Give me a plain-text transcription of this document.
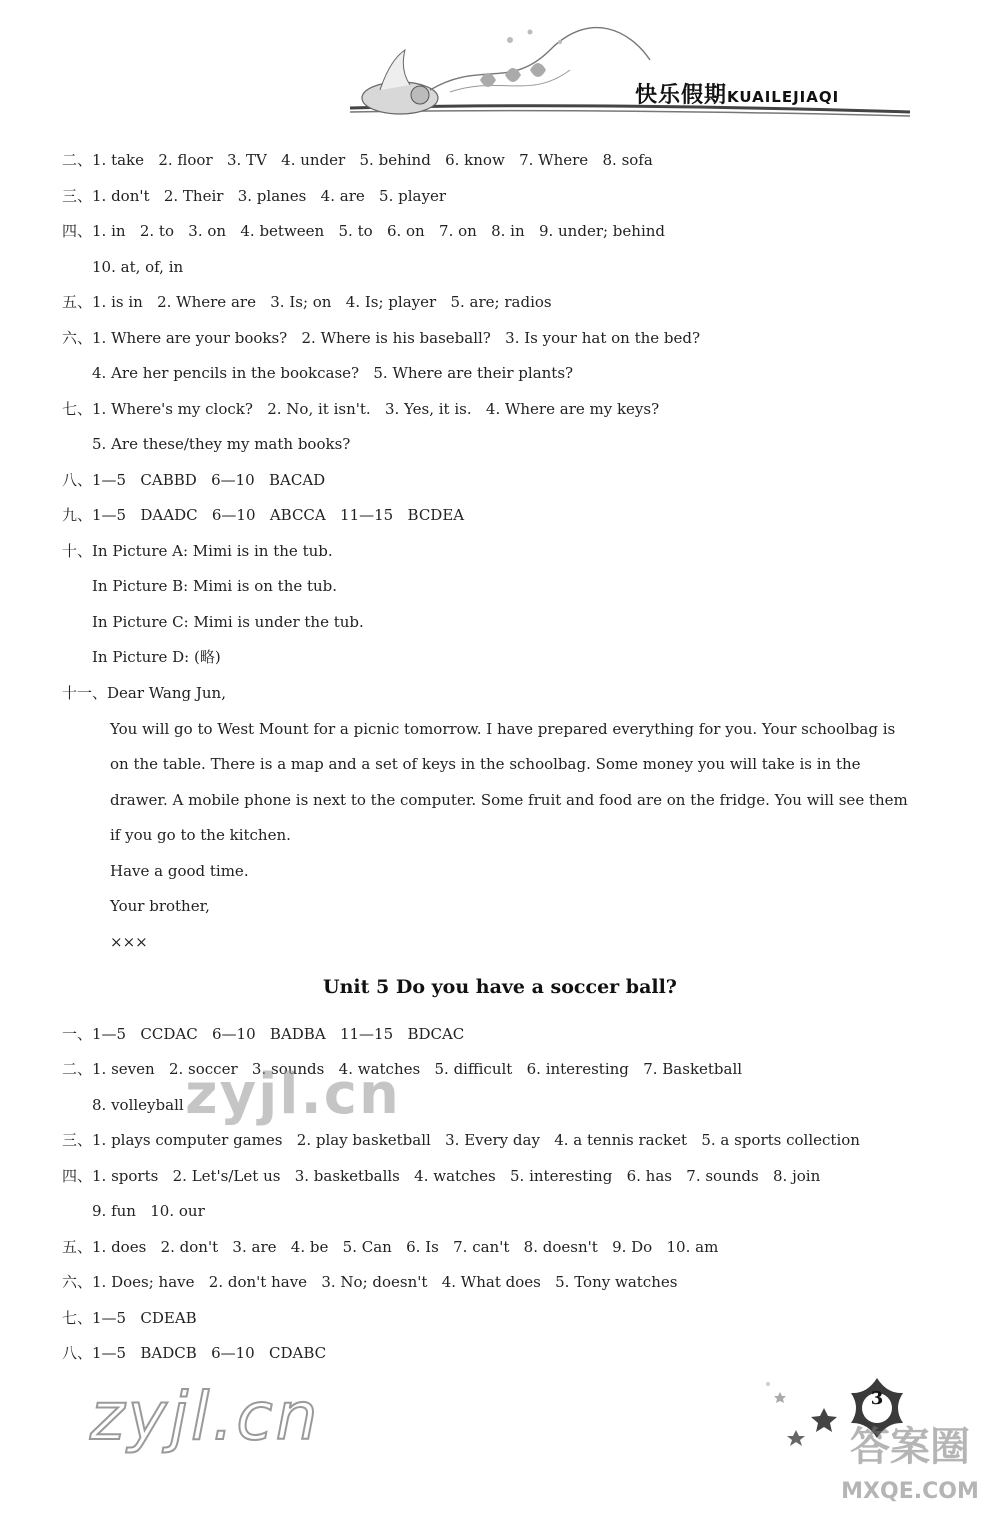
快乐假期KUAILEJIAQI
二、1. take   2. floor   3. TV   4. under   5. behind   6. know   7. Where   8. sofa
三、1. don't   2. Their   3. planes   4. are   5. player
四、1. in   2. to   3. on   4. between   5. to   6. on   7. on   8. in   9. under; behind
10. at, of, in
五、1. is in   2. Where are   3. Is; on   4. Is; player   5. are; radios
六、1. Where are your books?   2. Where is his baseball?   3. Is your hat on the bed?
4. Are her pencils in the bookcase?   5. Where are their plants?
七、1. Where's my clock?   2. No, it isn't.   3. Yes, it is.   4. Where are my keys?
5. Are these/they my math books?
八、1—5   CABBD   6—10   BACAD
九、1—5   DAADC   6—10   ABCCA   11—15   BCDEA
十、In Picture A: Mimi is in the tub.
In Picture B: Mimi is on the tub.
In Picture C: Mimi is under the tub.
In Picture D: (略)
十一、Dear Wang Jun,
You will go to West Mount for a picnic tomorrow. I have prepared everything for you. Your schoolbag is
on the table. There is a map and a set of keys in the schoolbag. Some money you will take is in the
drawer. A mobile phone is next to the computer. Some fruit and food are on the fridge. You will see them
if you go to the kitchen.
Have a good time.
Your brother,
×××
Unit 5 Do you have a soccer ball?
一、1—5   CCDAC   6—10   BADBA   11—15   BDCAC
二、1. seven   2. soccer   3. sounds   4. watches   5. difficult   6. interesting   7. Basketball
8. volleyball
三、1. plays computer games   2. play basketball   3. Every day   4. a tennis racket   5. a sports collection
四、1. sports   2. Let's/Let us   3. basketballs   4. watches   5. interesting   6. has   7. sounds   8. join
9. fun   10. our
五、1. does   2. don't   3. are   4. be   5. Can   6. Is   7. can't   8. doesn't   9. Do   10. am
六、1. Does; have   2. don't have   3. No; doesn't   4. What does   5. Tony watches
七、1—5   CDEAB
八、1—5   BADCB   6—10   CDABC
zyjl.cn
zyjl.cn	3
答案圈
MXQE.COM
